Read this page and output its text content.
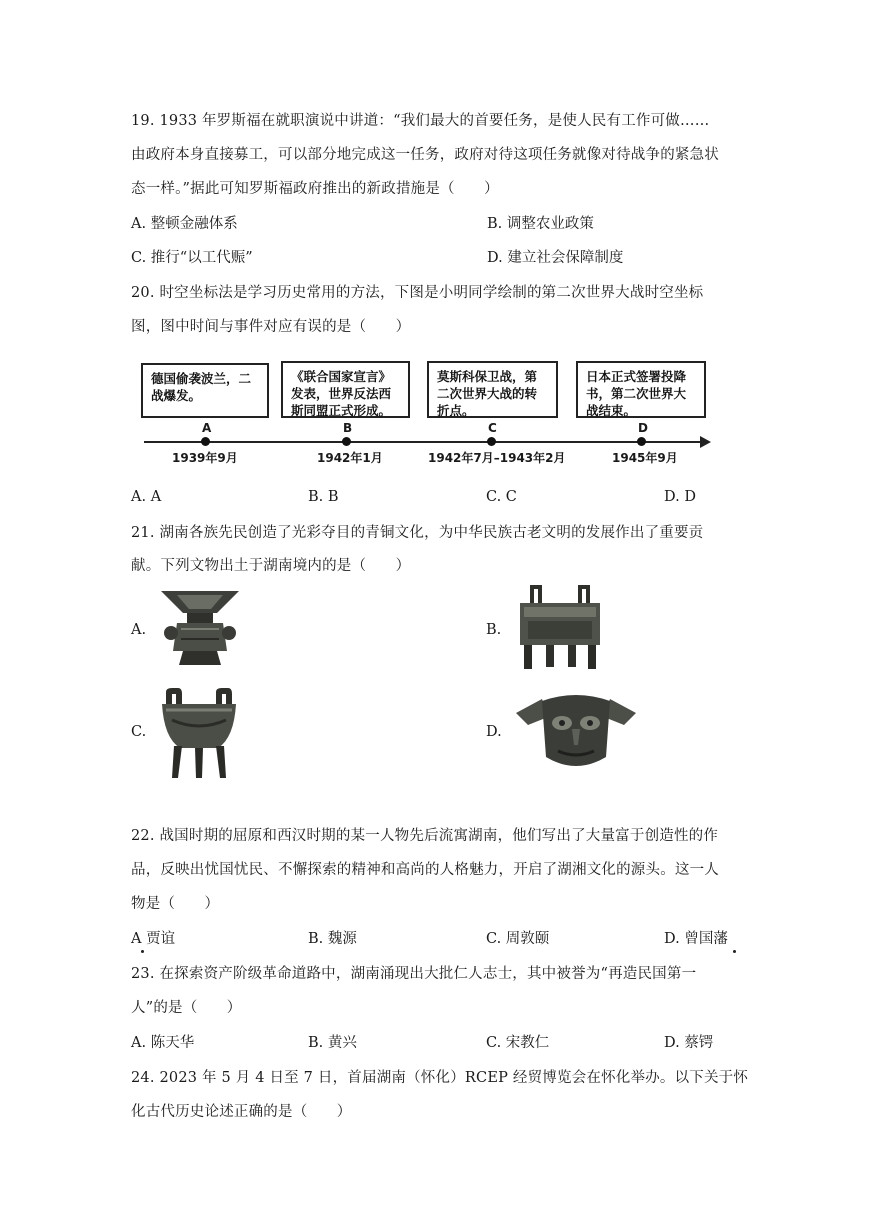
19. 1933 年罗斯福在就职演说中讲道：“我们最大的首要任务，是使人民有工作可做……
由政府本身直接募工，可以部分地完成这一任务，政府对待这项任务就像对待战争的紧急状
态一样。”据此可知罗斯福政府推出的新政措施是（　　）
A. 整顿金融体系	B. 调整农业政策
C. 推行“以工代赈”	D. 建立社会保障制度
20. 时空坐标法是学习历史常用的方法，下图是小明同学绘制的第二次世界大战时空坐标
图，图中时间与事件对应有误的是（　　）
德国偷袭波兰，二战爆发。
《联合国家宣言》发表，世界反法西斯同盟正式形成。
莫斯科保卫战，第二次世界大战的转折点。
日本正式签署投降书，第二次世界大战结束。
A	B	C	D
1939年9月	1942年1月	1942年7月–1943年2月	1945年9月
A. A	B. B	C. C	D. D
21. 湖南各族先民创造了光彩夺目的青铜文化，为中华民族古老文明的发展作出了重要贡
献。下列文物出土于湖南境内的是（　　）
A.	B.
C.	D.
22. 战国时期的屈原和西汉时期的某一人物先后流寓湖南，他们写出了大量富于创造性的作
品，反映出忧国忧民、不懈探索的精神和高尚的人格魅力，开启了湖湘文化的源头。这一人
物是（　　）
A 贾谊	B. 魏源	C. 周敦颐	D. 曾国藩
23. 在探索资产阶级革命道路中，湖南涌现出大批仁人志士，其中被誉为“再造民国第一
人”的是（　　）
A. 陈天华	B. 黄兴	C. 宋教仁	D. 蔡锷
24. 2023 年 5 月 4 日至 7 日，首届湖南（怀化）RCEP 经贸博览会在怀化举办。以下关于怀
化古代历史论述正确的是（　　）
